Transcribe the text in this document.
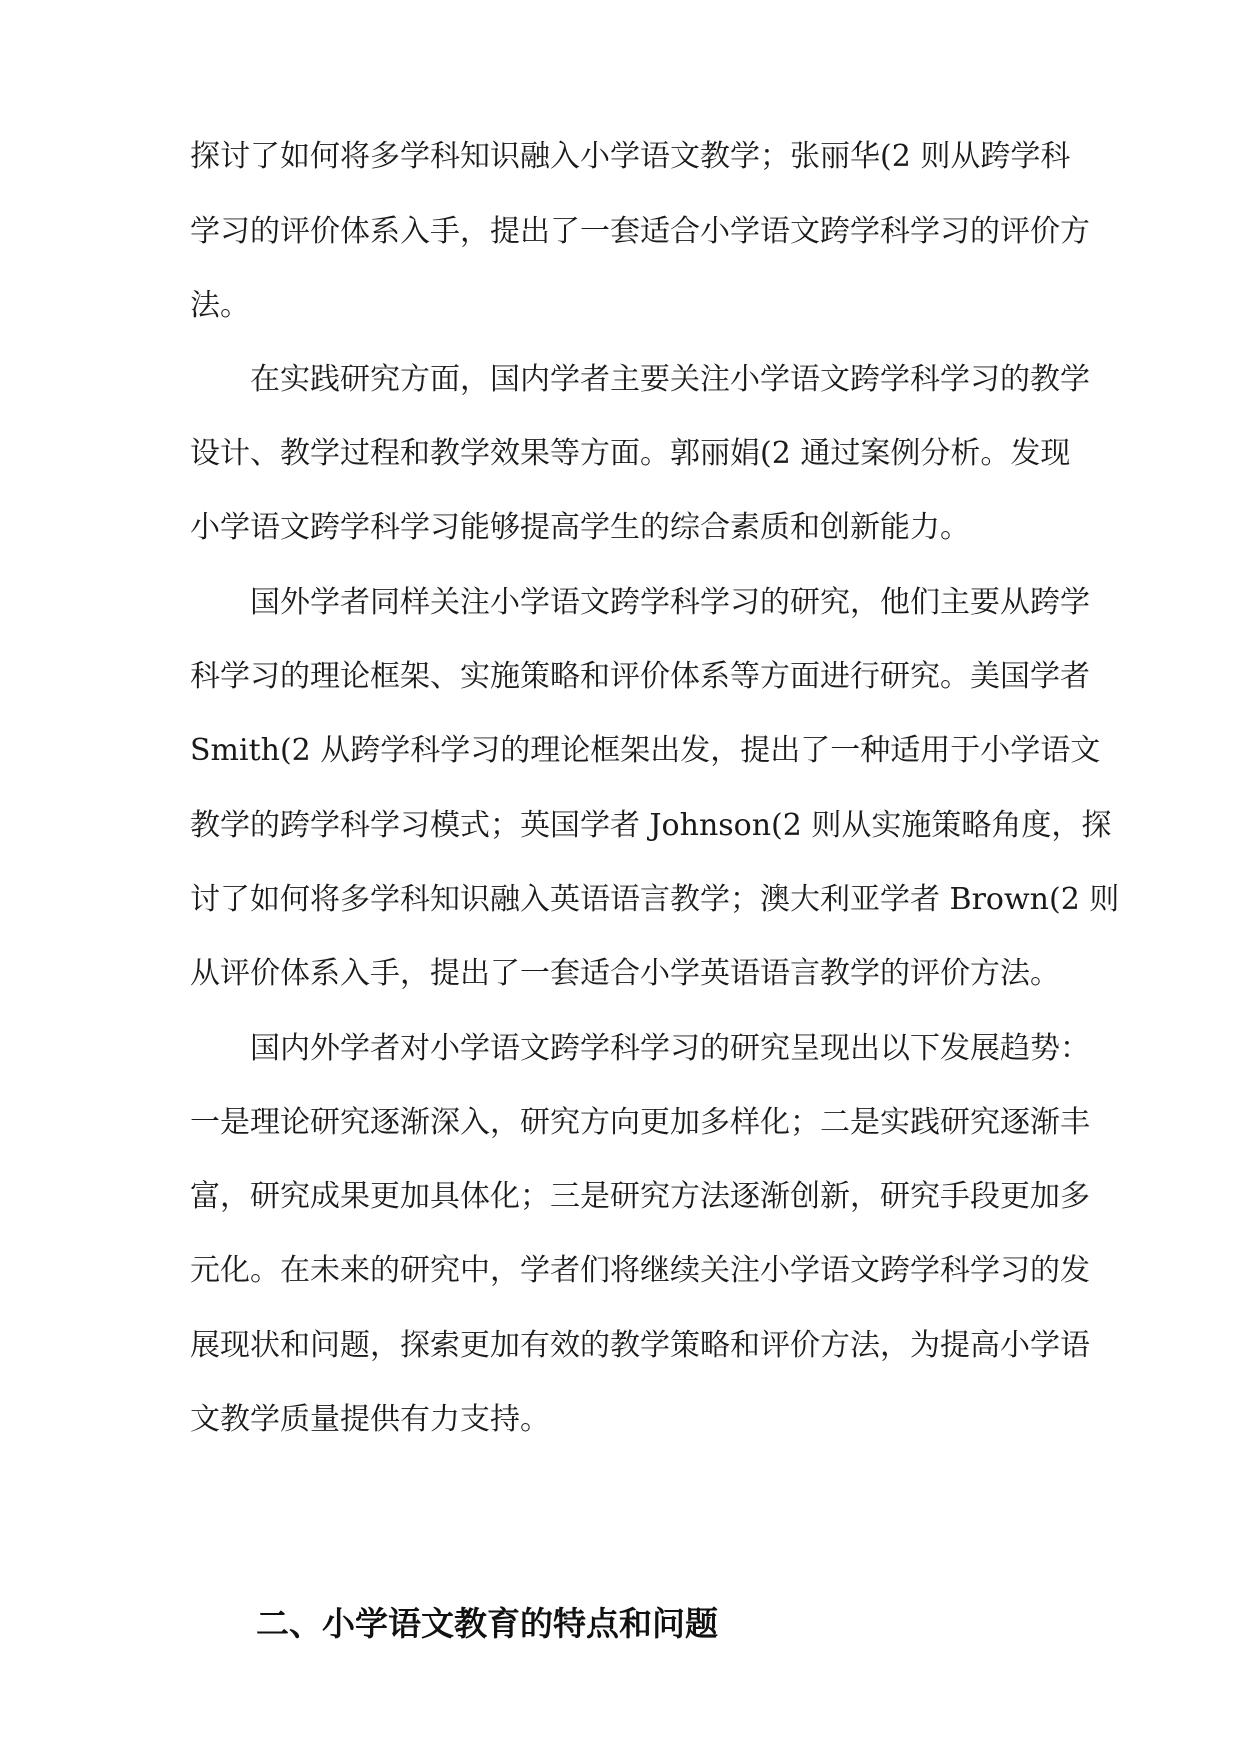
探讨了如何将多学科知识融入小学语文教学；张丽华(2 则从跨学科
学习的评价体系入手，提出了一套适合小学语文跨学科学习的评价方
法。
在实践研究方面，国内学者主要关注小学语文跨学科学习的教学
设计、教学过程和教学效果等方面。郭丽娟(2 通过案例分析。发现
小学语文跨学科学习能够提高学生的综合素质和创新能力。
国外学者同样关注小学语文跨学科学习的研究，他们主要从跨学
科学习的理论框架、实施策略和评价体系等方面进行研究。美国学者
Smith(2 从跨学科学习的理论框架出发，提出了一种适用于小学语文
教学的跨学科学习模式；英国学者 Johnson(2 则从实施策略角度，探
讨了如何将多学科知识融入英语语言教学；澳大利亚学者 Brown(2 则
从评价体系入手，提出了一套适合小学英语语言教学的评价方法。
国内外学者对小学语文跨学科学习的研究呈现出以下发展趋势：
一是理论研究逐渐深入，研究方向更加多样化；二是实践研究逐渐丰
富，研究成果更加具体化；三是研究方法逐渐创新，研究手段更加多
元化。在未来的研究中，学者们将继续关注小学语文跨学科学习的发
展现状和问题，探索更加有效的教学策略和评价方法，为提高小学语
文教学质量提供有力支持。
二、小学语文教育的特点和问题
